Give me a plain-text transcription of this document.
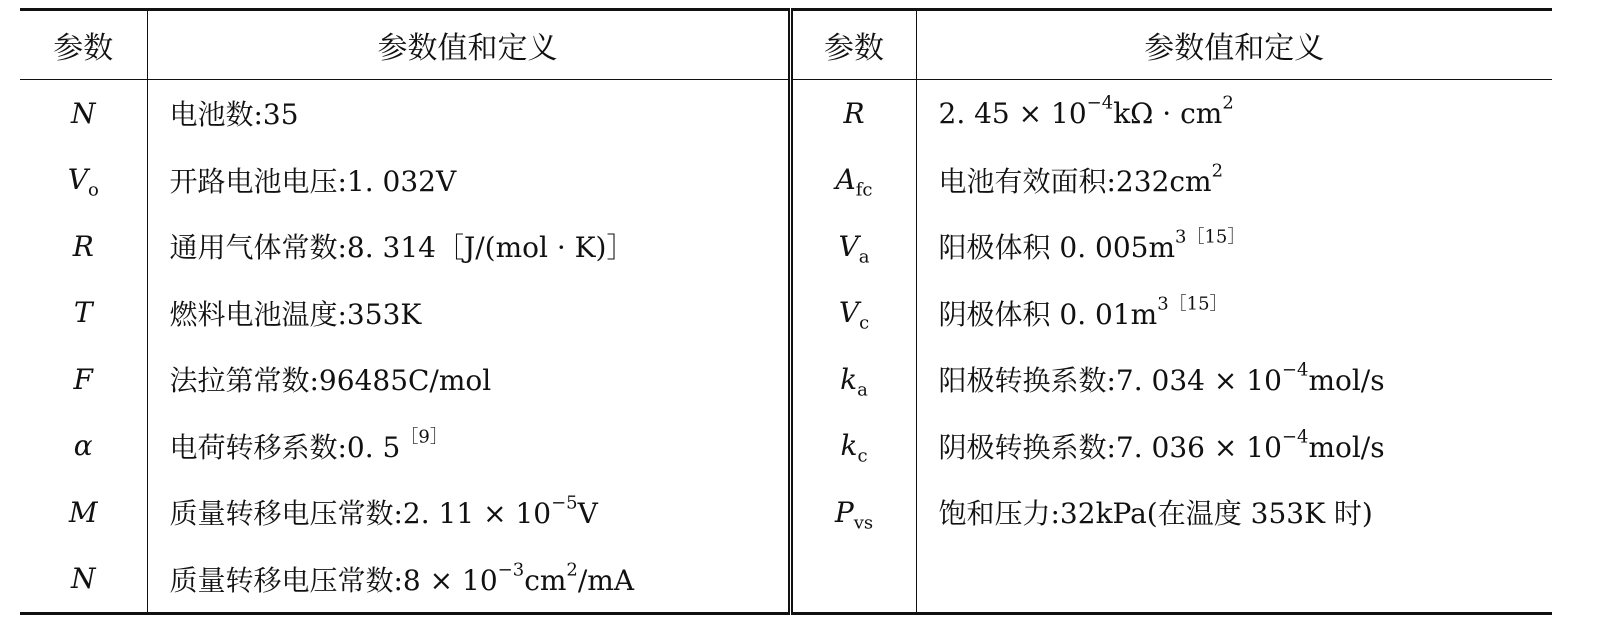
参数	参数值和定义	参数	参数值和定义
N	电池数:35	R	2. $45 \times 10^{-4}k\Omega \cdot cm^2$
$V_o$	开路电池电压:1. 032V	$A_{fc}$	电池有效面积$:232cm^2$
R	通用气体常数:8. 314［J/(mol · K)］	$V_a$	阳极体积 0. $005m^{3[15]}$
T	燃料电池温度:353K	$V_c$	阴极体积 0. $01m^{3[15]}$
F	法拉第常数:96485C/mol	$k_a$	阳极转换系数:7. $034 \times 10^{-4}mol/s$
α	电荷转移系数:0. $5^{[9]}$	$k_c$	阴极转换系数:7. $036 \times 10^{-4}mol/s$
M	质量转移电压常数:2. $11 \times 10^{-5}V$	$P_{vs}$	饱和压力:32kPa(在温度 353K 时)
N	质量转移电压常数:8 × $10^{-3}cm^2/mA$		
